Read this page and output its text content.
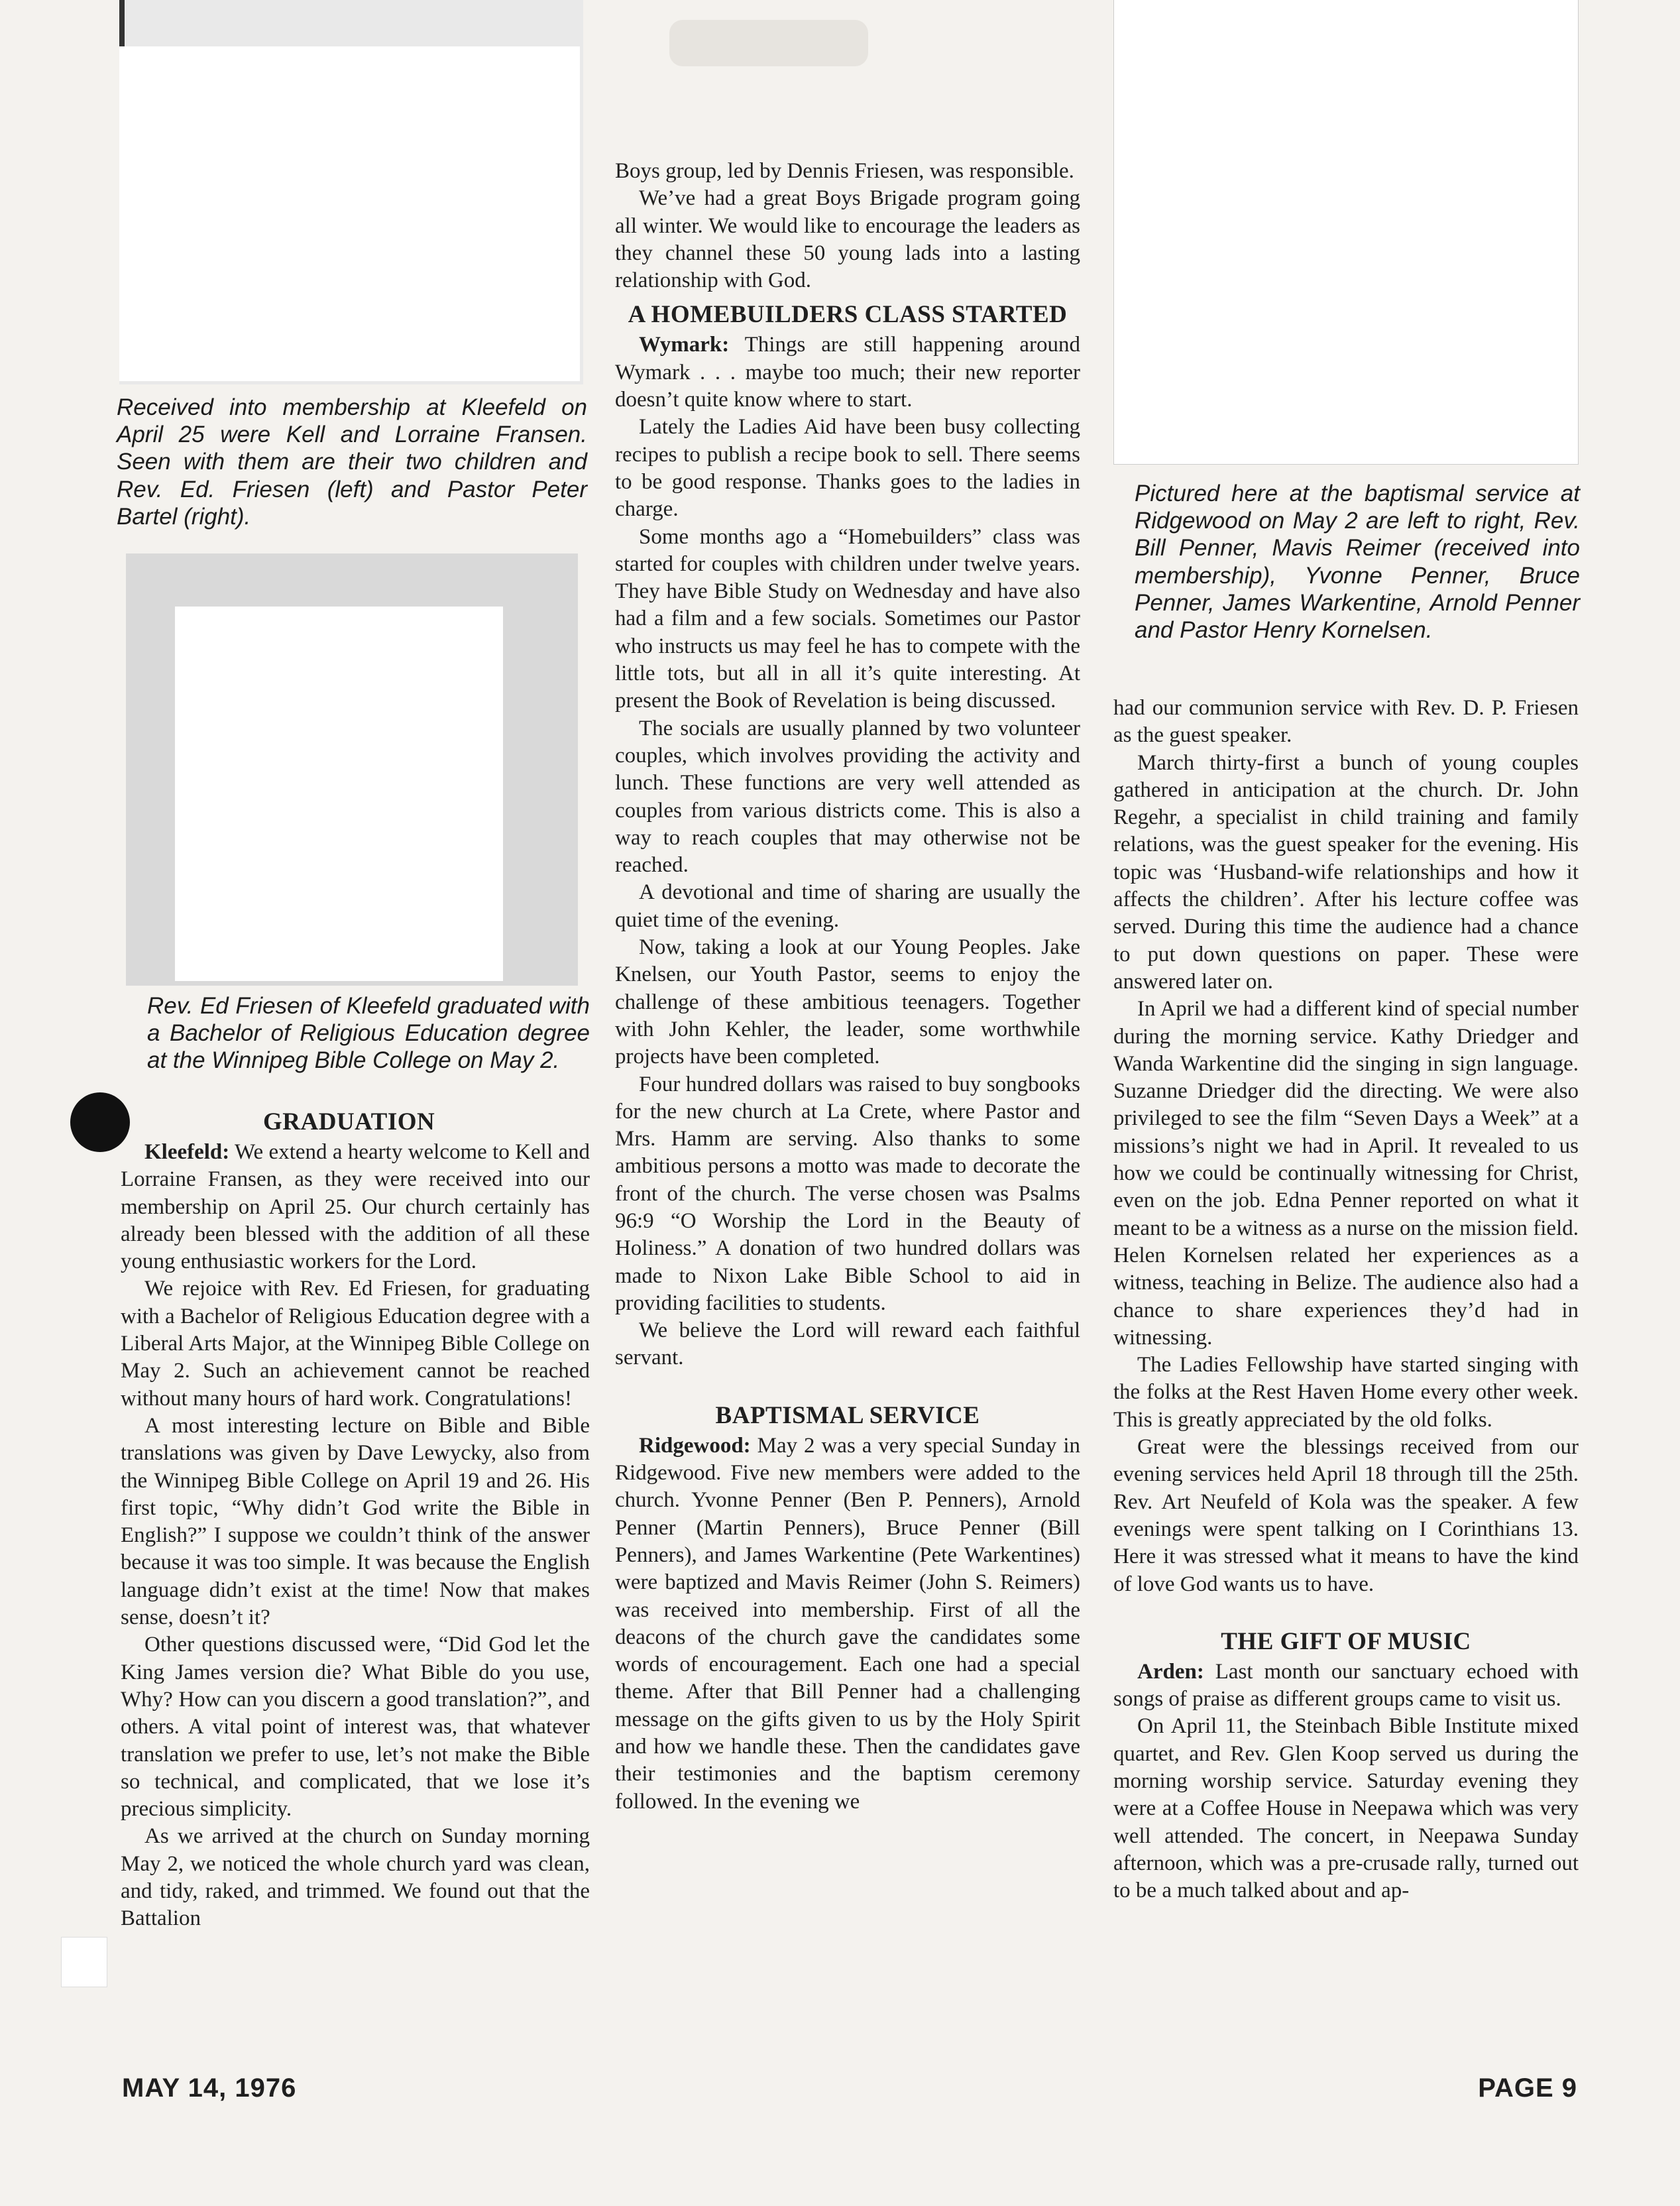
Received into membership at Kleefeld on April 25 were Kell and Lorraine Fransen. Seen with them are their two children and Rev. Ed. Friesen (left) and Pastor Peter Bartel (right).
Rev. Ed Friesen of Kleefeld graduated with a Bachelor of Religious Education degree at the Winnipeg Bible College on May 2.
Pictured here at the baptismal service at Ridgewood on May 2 are left to right, Rev. Bill Penner, Mavis Reimer (received into membership), Yvonne Penner, Bruce Penner, James Warkentine, Arnold Penner and Pastor Henry Kornelsen.
GRADUATION

Kleefeld: We extend a hearty welcome to Kell and Lorraine Fransen, as they were received into our membership on April 25. Our church certainly has already been blessed with the addition of all these young enthusiastic workers for the Lord.

We rejoice with Rev. Ed Friesen, for graduating with a Bachelor of Religious Education degree with a Liberal Arts Major, at the Winnipeg Bible College on May 2. Such an achievement cannot be reached without many hours of hard work. Congratulations!

A most interesting lecture on Bible and Bible translations was given by Dave Lewycky, also from the Winnipeg Bible College on April 19 and 26. His first topic, “Why didn’t God write the Bible in English?” I suppose we couldn’t think of the answer because it was too simple. It was because the English language didn’t exist at the time! Now that makes sense, doesn’t it?

Other questions discussed were, “Did God let the King James version die? What Bible do you use, Why? How can you discern a good translation?”, and others. A vital point of interest was, that whatever translation we prefer to use, let’s not make the Bible so technical, and complicated, that we lose it’s precious simplicity.

As we arrived at the church on Sunday morning May 2, we noticed the whole church yard was clean, and tidy, raked, and trimmed. We found out that the Battalion

Boys group, led by Dennis Friesen, was responsible.

We’ve had a great Boys Brigade program going all winter. We would like to encourage the leaders as they channel these 50 young lads into a lasting relationship with God.

A HOMEBUILDERS CLASS STARTED

Wymark: Things are still happening around Wymark . . . maybe too much; their new reporter doesn’t quite know where to start.

Lately the Ladies Aid have been busy collecting recipes to publish a recipe book to sell. There seems to be good response. Thanks goes to the ladies in charge.

Some months ago a “Homebuilders” class was started for couples with children under twelve years. They have Bible Study on Wednesday and have also had a film and a few socials. Sometimes our Pastor who instructs us may feel he has to compete with the little tots, but all in all it’s quite interesting. At present the Book of Revelation is being discussed.

The socials are usually planned by two volunteer couples, which involves providing the activity and lunch. These functions are very well attended as couples from various districts come. This is also a way to reach couples that may otherwise not be reached.

A devotional and time of sharing are usually the quiet time of the evening.

Now, taking a look at our Young Peoples. Jake Knelsen, our Youth Pastor, seems to enjoy the challenge of these ambitious teenagers. Together with John Kehler, the leader, some worthwhile projects have been completed.

Four hundred dollars was raised to buy songbooks for the new church at La Crete, where Pastor and Mrs. Hamm are serving. Also thanks to some ambitious persons a motto was made to decorate the front of the church. The verse chosen was Psalms 96:9 “O Worship the Lord in the Beauty of Holiness.” A donation of two hundred dollars was made to Nixon Lake Bible School to aid in providing facilities to students.

We believe the Lord will reward each faithful servant.

BAPTISMAL SERVICE

Ridgewood: May 2 was a very special Sunday in Ridgewood. Five new members were added to the church. Yvonne Penner (Ben P. Penners), Arnold Penner (Martin Penners), Bruce Penner (Bill Penners), and James Warkentine (Pete Warkentines) were baptized and Mavis Reimer (John S. Reimers) was received into membership. First of all the deacons of the church gave the candidates some words of encouragement. Each one had a special theme. After that Bill Penner had a challenging message on the gifts given to us by the Holy Spirit and how we handle these. Then the candidates gave their testimonies and the baptism ceremony followed. In the evening we

had our communion service with Rev. D. P. Friesen as the guest speaker.

March thirty-first a bunch of young couples gathered in anticipation at the church. Dr. John Regehr, a specialist in child training and family relations, was the guest speaker for the evening. His topic was ‘Husband-wife relationships and how it affects the children’. After his lecture coffee was served. During this time the audience had a chance to put down questions on paper. These were answered later on.

In April we had a different kind of special number during the morning service. Kathy Driedger and Wanda Warkentine did the singing in sign language. Suzanne Driedger did the directing. We were also privileged to see the film “Seven Days a Week” at a missions’s night we had in April. It revealed to us how we could be continually witnessing for Christ, even on the job. Edna Penner reported on what it meant to be a witness as a nurse on the mission field. Helen Kornelsen related her experiences as a witness, teaching in Belize. The audience also had a chance to share experiences they’d had in witnessing.

The Ladies Fellowship have started singing with the folks at the Rest Haven Home every other week. This is greatly appreciated by the old folks.

Great were the blessings received from our evening services held April 18 through till the 25th. Rev. Art Neufeld of Kola was the speaker. A few evenings were spent talking on I Corinthians 13. Here it was stressed what it means to have the kind of love God wants us to have.

THE GIFT OF MUSIC

Arden: Last month our sanctuary echoed with songs of praise as different groups came to visit us.

On April 11, the Steinbach Bible Institute mixed quartet, and Rev. Glen Koop served us during the morning worship service. Saturday evening they were at a Coffee House in Neepawa which was very well attended. The concert, in Neepawa Sunday afternoon, which was a pre-crusade rally, turned out to be a much talked about and ap-

MAY 14, 1976	PAGE 9
